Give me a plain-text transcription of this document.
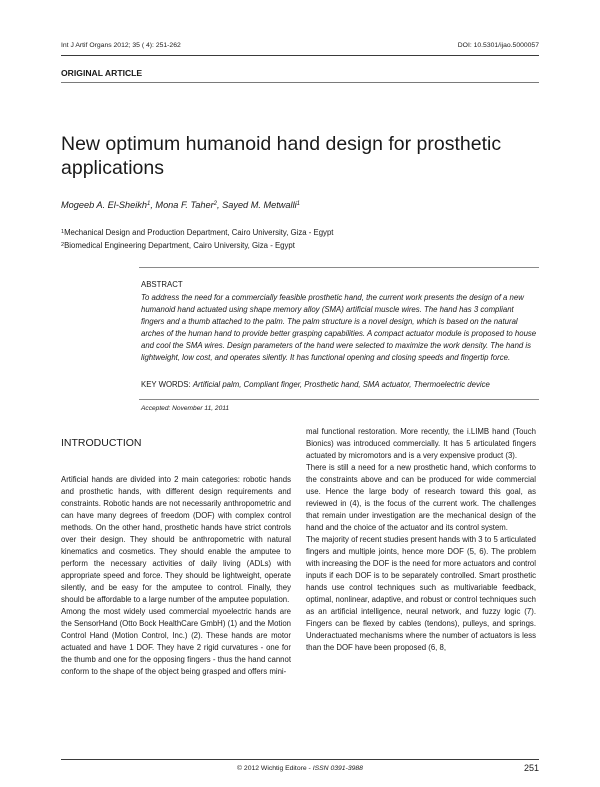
Int J Artif Organs 2012; 35 ( 4): 251-262	DOI: 10.5301/ijao.5000057
ORIGINAL ARTICLE
New optimum humanoid hand design for prosthetic applications
Mogeeb A. El-Sheikh$^1$, Mona F. Taher$^2$, Sayed M. Metwalli$^1$
$^1$Mechanical Design and Production Department, Cairo University, Giza - Egypt
$^2$Biomedical Engineering Department, Cairo University, Giza - Egypt
ABSTRACT
To address the need for a commercially feasible prosthetic hand, the current work presents the design of a new humanoid hand actuated using shape memory alloy (SMA) artificial muscle wires. The hand has 3 compliant fingers and a thumb attached to the palm. The palm structure is a novel design, which is based on the natural arches of the human hand to provide better grasping capabilities. A compact actuator module is proposed to house and cool the SMA wires. Design parameters of the hand were selected to maximize the work density. The hand is lightweight, low cost, and operates silently. It has functional opening and closing speeds and fingertip force.
KEY WORDS: Artificial palm, Compliant finger, Prosthetic hand, SMA actuator, Thermoelectric device
Accepted: November 11, 2011
INTRODUCTION

Artificial hands are divided into 2 main categories: robotic hands and prosthetic hands, with different design requirements and constraints. Robotic hands are not necessarily anthropometric and can have many degrees of freedom (DOF) with complex control methods. On the other hand, prosthetic hands have strict controls over their design. They should be anthropometric with natural kinematics and cosmetics. They should enable the amputee to perform the necessary activities of daily living (ADLs) with appropriate speed and force. They should be lightweight, operate silently, and be easy for the amputee to control. Finally, they should be affordable to a large number of the amputee population.

Among the most widely used commercial myoelectric hands are the SensorHand (Otto Bock HealthCare GmbH) (1) and the Motion Control Hand (Motion Control, Inc.) (2). These hands are motor actuated and have 1 DOF. They have 2 rigid curvatures - one for the thumb and one for the opposing fingers - thus the hand cannot conform to the shape of the object being grasped and offers mini-

mal functional restoration. More recently, the i.LIMB hand (Touch Bionics) was introduced commercially. It has 5 articulated fingers actuated by micromotors and is a very expensive product (3).

There is still a need for a new prosthetic hand, which conforms to the constraints above and can be produced for wide commercial use. Hence the large body of research toward this goal, as reviewed in (4), is the focus of the current work. The challenges that remain under investigation are the mechanical design of the hand and the choice of the actuator and its control system.

The majority of recent studies present hands with 3 to 5 articulated fingers and multiple joints, hence more DOF (5, 6). The problem with increasing the DOF is the need for more actuators and control inputs if each DOF is to be separately controlled. Smart prosthetic hands use control techniques such as multivariable feedback, optimal, nonlinear, adaptive, and robust or control techniques such as an artificial intelligence, neural network, and fuzzy logic (7). Fingers can be flexed by cables (tendons), pulleys, and springs. Underactuated mechanisms where the number of actuators is less than the DOF have been proposed (6, 8,

© 2012 Wichtig Editore - ISSN 0391-3988	251
